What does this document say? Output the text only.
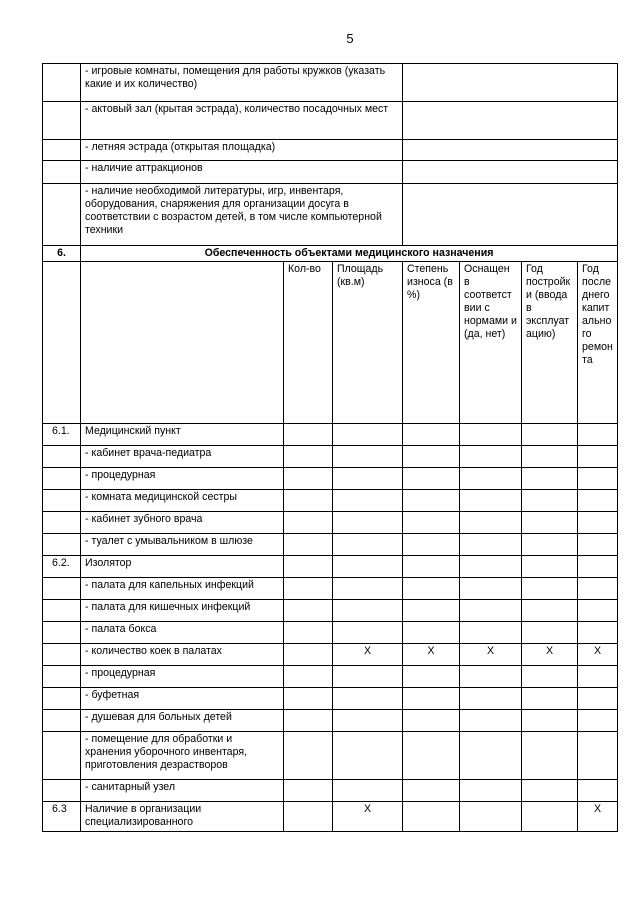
5
	- игровые комнаты, помещения для работы кружков (указать какие и их количество)						
	- актовый зал (крытая эстрада), количество посадочных мест						
	- летняя эстрада (открытая площадка)						
	- наличие аттракционов						
	- наличие необходимой литературы, игр, инвентаря, оборудования, снаряжения для организации досуга в соответствии с возрастом детей, в том числе компьютерной техники						
6.	Обеспеченность объектами медицинского назначения						
		Кол-во	Площадь (кв.м)	Степень износа (в %)	Оснащен в соответствии с нормами и (да, нет)	Год постройки (ввода в эксплуатацию)	Год последнего капитального ремонта
6.1.	Медицинский пункт						
	- кабинет врача-педиатра						
	- процедурная						
	- комната медицинской сестры						
	- кабинет зубного врача						
	- туалет с умывальником в шлюзе						
6.2.	Изолятор						
	- палата для капельных инфекций						
	- палата для кишечных инфекций						
	- палата бокса						
	- количество коек в палатах		Х	Х	Х	Х	Х
	- процедурная						
	- буфетная						
	- душевая для больных детей						
	- помещение для обработки и хранения уборочного инвентаря, приготовления дезрастворов						
	- санитарный узел						
6.3	Наличие в организации специализированного		Х				Х
